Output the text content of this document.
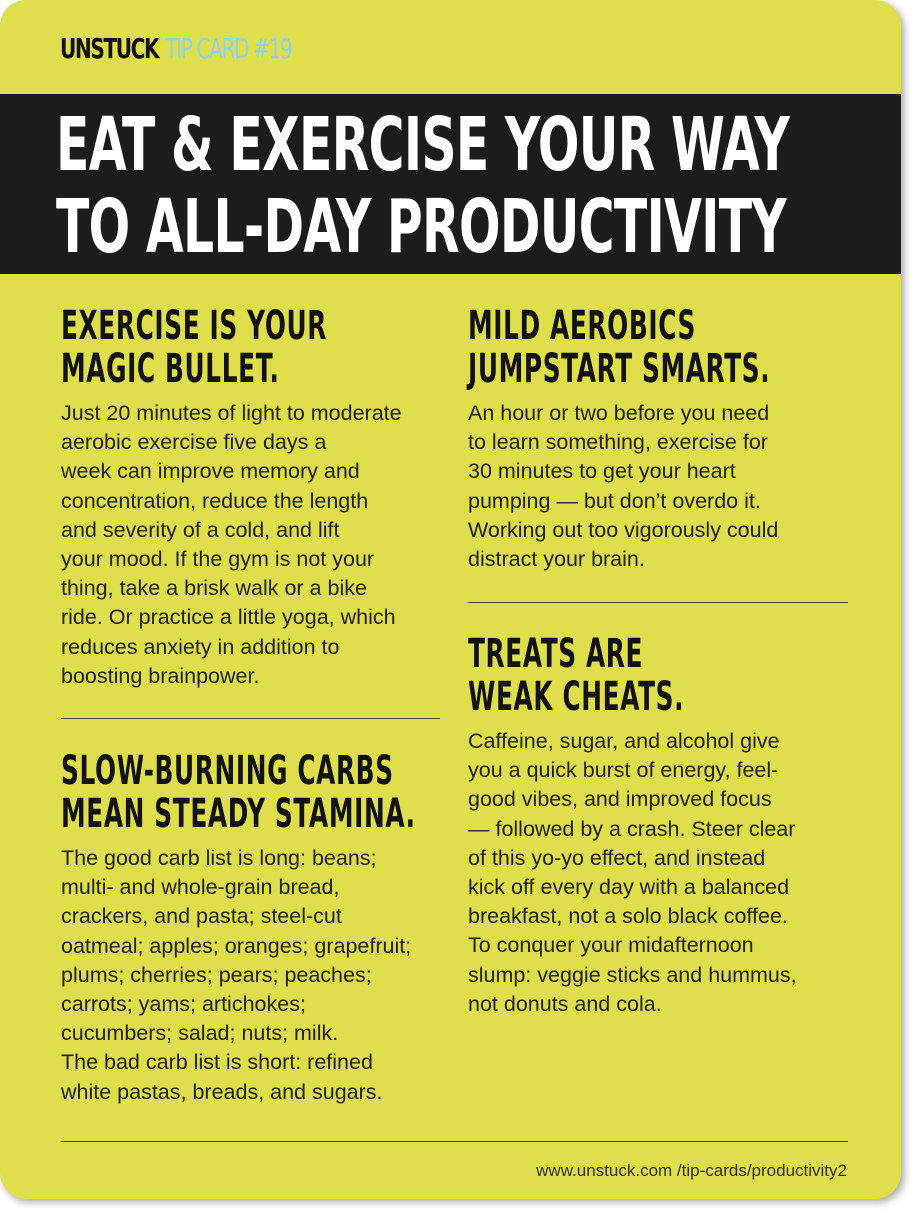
UNSTUCK TIP CARD #19
EAT & EXERCISE YOUR WAY
TO ALL-DAY PRODUCTIVITY
EXERCISE IS YOUR
MAGIC BULLET.

Just 20 minutes of light to moderate
aerobic exercise five days a
week can improve memory and
concentration, reduce the length
and severity of a cold, and lift
your mood. If the gym is not your
thing, take a brisk walk or a bike
ride. Or practice a little yoga, which
reduces anxiety in addition to
boosting brainpower.

SLOW-BURNING CARBS
MEAN STEADY STAMINA.

The good carb list is long: beans;
multi- and whole-grain bread,
crackers, and pasta; steel-cut
oatmeal; apples; oranges; grapefruit;
plums; cherries; pears; peaches;
carrots; yams; artichokes;
cucumbers; salad; nuts; milk.
The bad carb list is short: refined
white pastas, breads, and sugars.

MILD AEROBICS
JUMPSTART SMARTS.

An hour or two before you need
to learn something, exercise for
30 minutes to get your heart
pumping — but don’t overdo it.
Working out too vigorously could
distract your brain.

TREATS ARE
WEAK CHEATS.

Caffeine, sugar, and alcohol give
you a quick burst of energy, feel-
good vibes, and improved focus
— followed by a crash. Steer clear
of this yo-yo effect, and instead
kick off every day with a balanced
breakfast, not a solo black coffee.
To conquer your midafternoon
slump: veggie sticks and hummus,
not donuts and cola.

www.unstuck.com /tip-cards/productivity2
